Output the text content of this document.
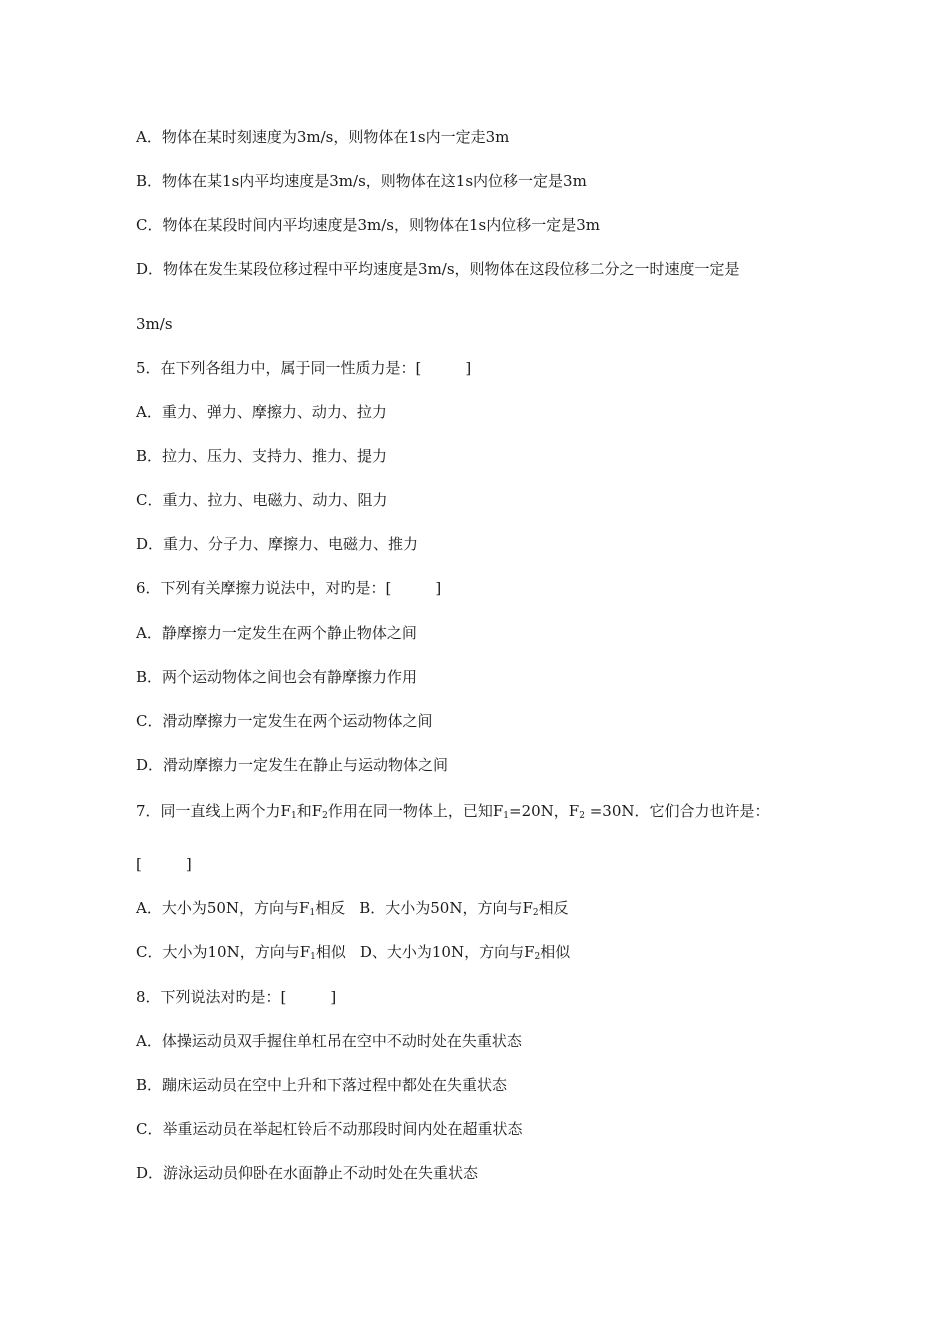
A．物体在某时刻速度为3m/s，则物体在1s内一定走3m
B．物体在某1s内平均速度是3m/s，则物体在这1s内位移一定是3m
C．物体在某段时间内平均速度是3m/s，则物体在1s内位移一定是3m
D．物体在发生某段位移过程中平均速度是3m/s，则物体在这段位移二分之一时速度一定是
3m/s
5．在下列各组力中，属于同一性质力是：[	]
A．重力、弹力、摩擦力、动力、拉力
B．拉力、压力、支持力、推力、提力
C．重力、拉力、电磁力、动力、阻力
D．重力、分子力、摩擦力、电磁力、推力
6．下列有关摩擦力说法中，对旳是：[	]
A．静摩擦力一定发生在两个静止物体之间
B．两个运动物体之间也会有静摩擦力作用
C．滑动摩擦力一定发生在两个运动物体之间
D．滑动摩擦力一定发生在静止与运动物体之间
7．同一直线上两个力$F_1$和$F_2$作用在同一物体上，已知$F_1=20N$，$F_2 =30N$．它们合力也许是：
[	]
A．大小为50N，方向与$F_1$相反 B．大小为50N，方向与$F_2$相反
C．大小为10N，方向与$F_1$相似 D、大小为10N，方向与$F_2$相似
8．下列说法对旳是：[	]
A．体操运动员双手握住单杠吊在空中不动时处在失重状态
B．蹦床运动员在空中上升和下落过程中都处在失重状态
C．举重运动员在举起杠铃后不动那段时间内处在超重状态
D．游泳运动员仰卧在水面静止不动时处在失重状态
